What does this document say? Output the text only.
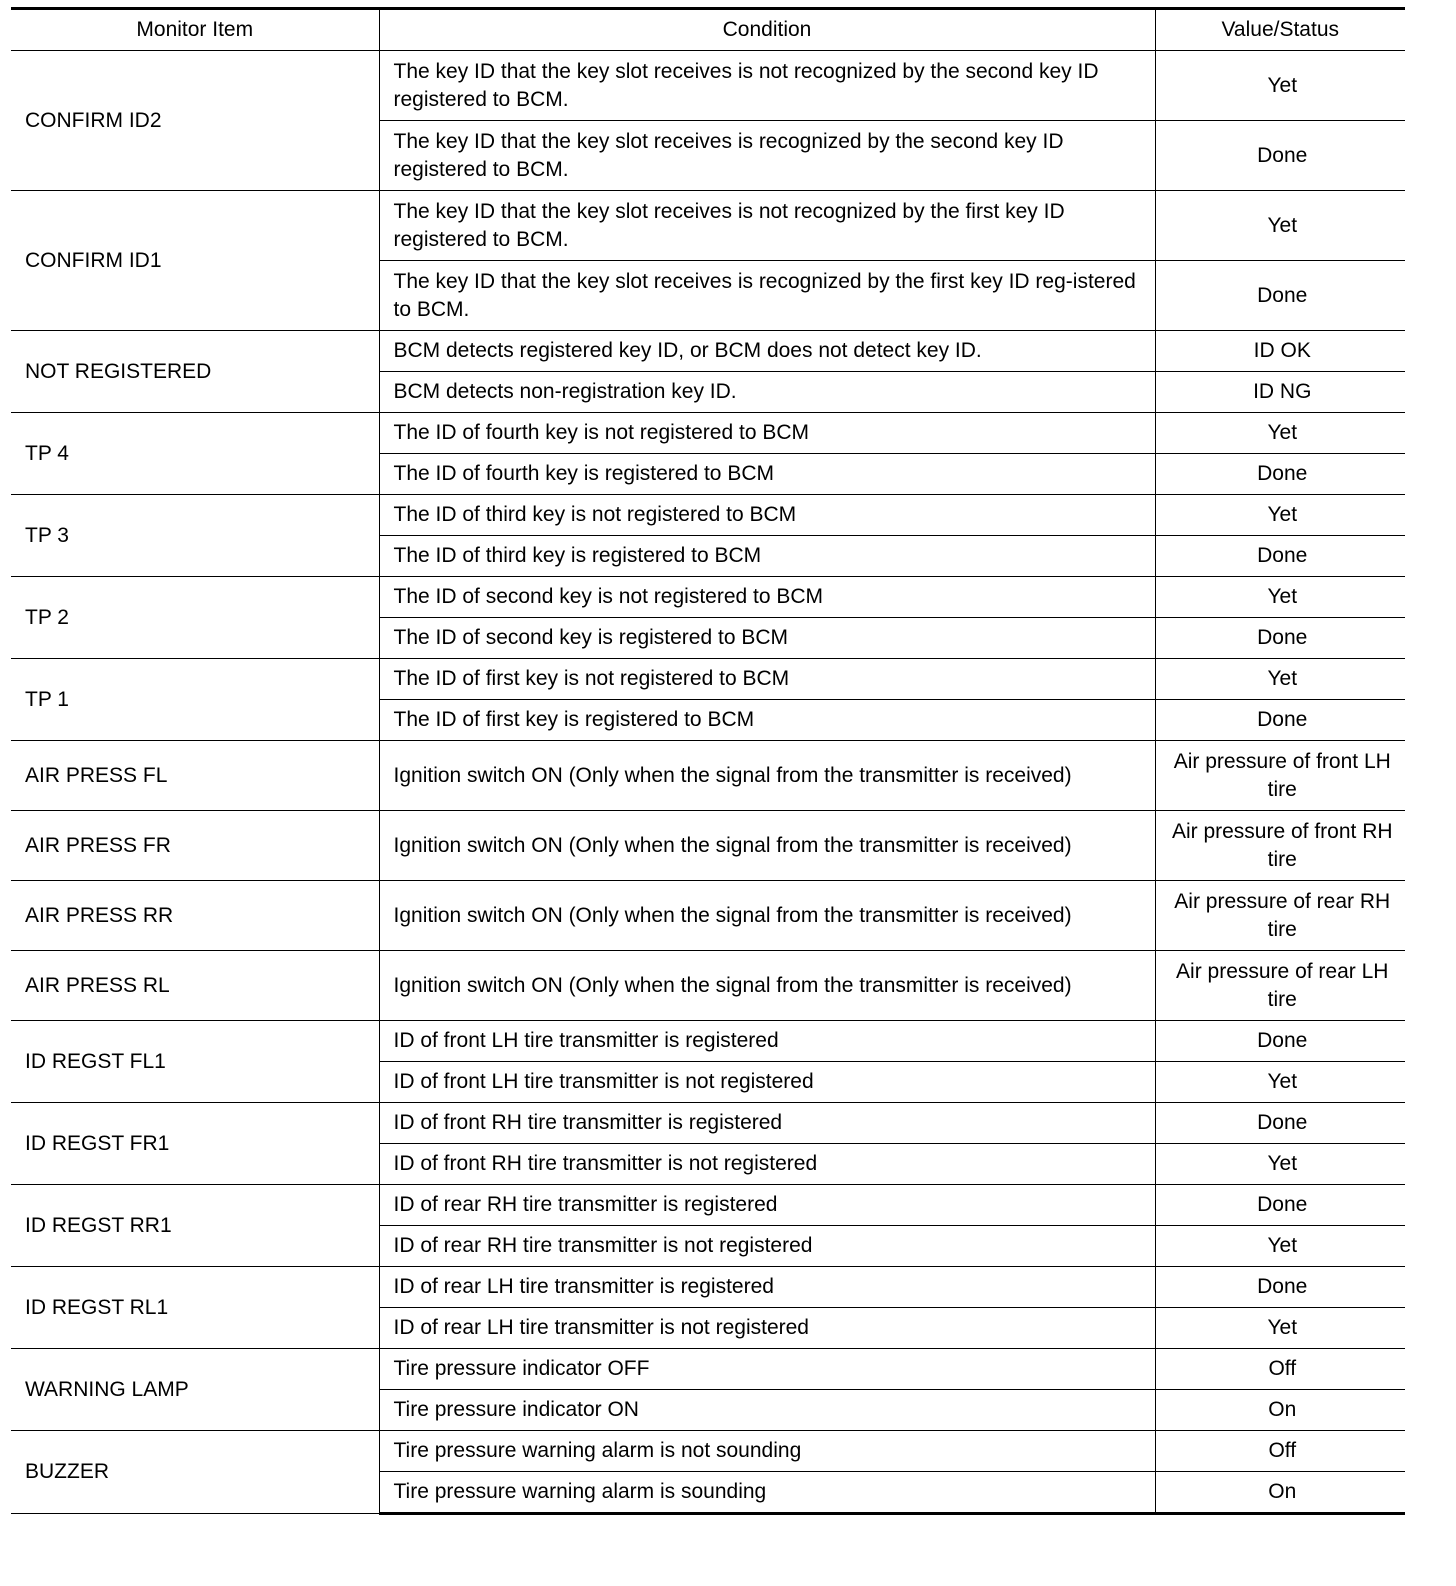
Monitor Item	Condition	Value/Status
CONFIRM ID2	The key ID that the key slot receives is not recognized by the second key ID registered to BCM.	Yet
	The key ID that the key slot receives is recognized by the second key ID registered to BCM.	Done
CONFIRM ID1	The key ID that the key slot receives is not recognized by the first key ID registered to BCM.	Yet
	The key ID that the key slot receives is recognized by the first key ID reg-istered to BCM.	Done
NOT REGISTERED	BCM detects registered key ID, or BCM does not detect key ID.	ID OK
	BCM detects non-registration key ID.	ID NG
TP 4	The ID of fourth key is not registered to BCM	Yet
	The ID of fourth key is registered to BCM	Done
TP 3	The ID of third key is not registered to BCM	Yet
	The ID of third key is registered to BCM	Done
TP 2	The ID of second key is not registered to BCM	Yet
	The ID of second key is registered to BCM	Done
TP 1	The ID of first key is not registered to BCM	Yet
	The ID of first key is registered to BCM	Done
AIR PRESS FL	Ignition switch ON (Only when the signal from the transmitter is received)	Air pressure of front LH tire
AIR PRESS FR	Ignition switch ON (Only when the signal from the transmitter is received)	Air pressure of front RH tire
AIR PRESS RR	Ignition switch ON (Only when the signal from the transmitter is received)	Air pressure of rear RH tire
AIR PRESS RL	Ignition switch ON (Only when the signal from the transmitter is received)	Air pressure of rear LH tire
ID REGST FL1	ID of front LH tire transmitter is registered	Done
	ID of front LH tire transmitter is not registered	Yet
ID REGST FR1	ID of front RH tire transmitter is registered	Done
	ID of front RH tire transmitter is not registered	Yet
ID REGST RR1	ID of rear RH tire transmitter is registered	Done
	ID of rear RH tire transmitter is not registered	Yet
ID REGST RL1	ID of rear LH tire transmitter is registered	Done
	ID of rear LH tire transmitter is not registered	Yet
WARNING LAMP	Tire pressure indicator OFF	Off
	Tire pressure indicator ON	On
BUZZER	Tire pressure warning alarm is not sounding	Off
	Tire pressure warning alarm is sounding	On
